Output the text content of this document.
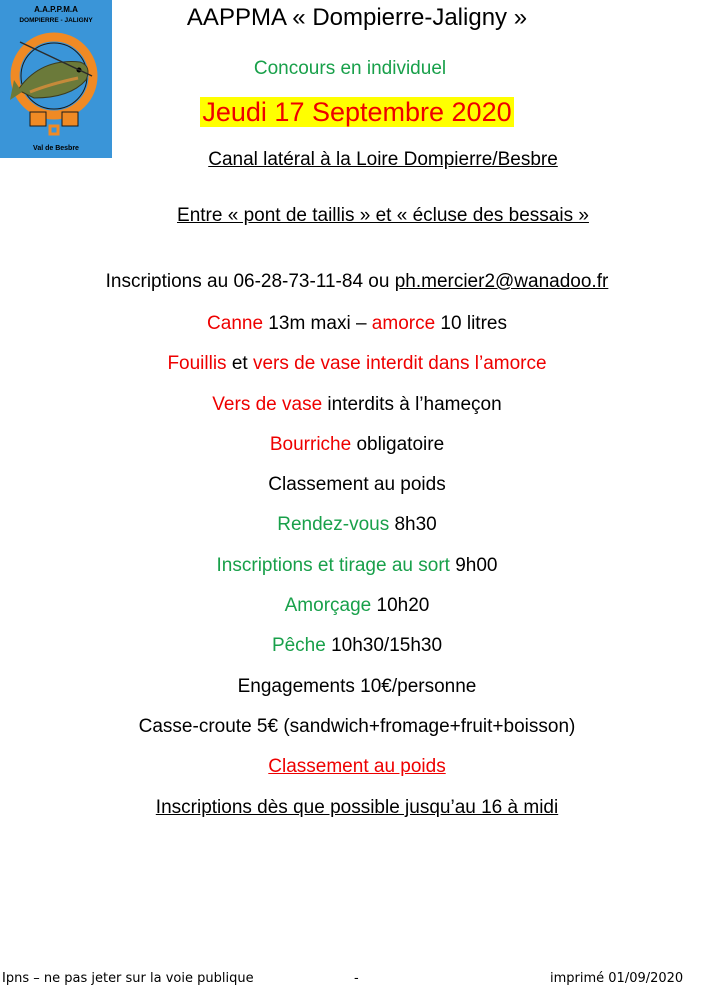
A.A.P.P.M.A
DOMPIERRE - JALIGNY
Val de Besbre
AAPPMA « Dompierre-Jaligny »
Concours en individuel
Jeudi 17 Septembre 2020
Canal latéral à la Loire Dompierre/Besbre
Entre « pont de taillis » et « écluse des bessais »
Inscriptions au 06-28-73-11-84 ou ph.mercier2@wanadoo.fr
Canne 13m maxi – amorce 10 litres
Fouillis et vers de vase interdit dans l’amorce
Vers de vase interdits à l’hameçon
Bourriche obligatoire
Classement au poids
Rendez-vous 8h30
Inscriptions et tirage au sort 9h00
Amorçage 10h20
Pêche 10h30/15h30
Engagements 10€/personne
Casse-croute 5€ (sandwich+fromage+fruit+boisson)
Classement au poids
Inscriptions dès que possible jusqu’au 16 à midi
Ipns – ne pas jeter sur la voie publique	-	imprimé 01/09/2020
